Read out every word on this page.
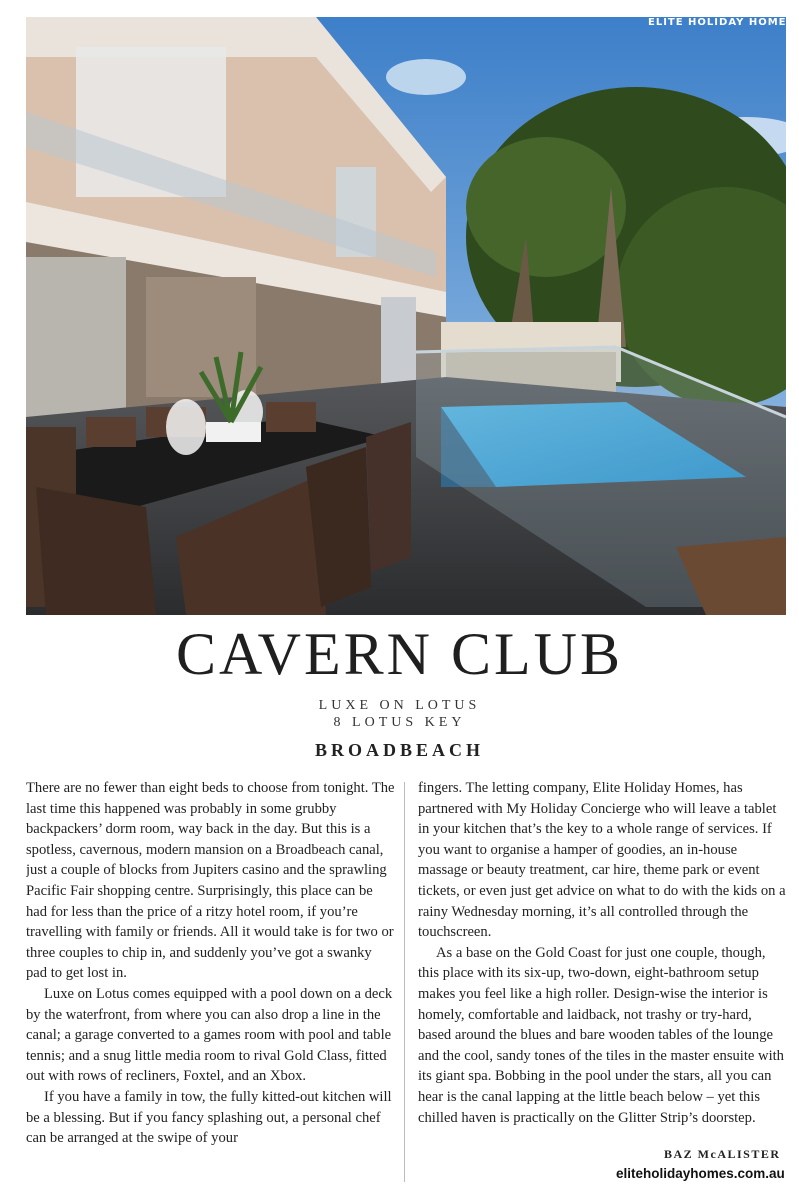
ELITE HOLIDAY HOMES
CAVERN CLUB
LUXE ON LOTUS
8 LOTUS KEY
BROADBEACH

There are no fewer than eight beds to choose from tonight. The last time this happened was probably in some grubby backpackers’ dorm room, way back in the day. But this is a spotless, cavernous, modern mansion on a Broadbeach canal, just a couple of blocks from Jupiters casino and the sprawling Pacific Fair shopping centre. Surprisingly, this place can be had for less than the price of a ritzy hotel room, if you’re travelling with family or friends. All it would take is for two or three couples to chip in, and suddenly you’ve got a swanky pad to get lost in.

Luxe on Lotus comes equipped with a pool down on a deck by the waterfront, from where you can also drop a line in the canal; a garage converted to a games room with pool and table tennis; and a snug little media room to rival Gold Class, fitted out with rows of recliners, Foxtel, and an Xbox.

If you have a family in tow, the fully kitted-out kitchen will be a blessing. But if you fancy splashing out, a personal chef can be arranged at the swipe of your

fingers. The letting company, Elite Holiday Homes, has partnered with My Holiday Concierge who will leave a tablet in your kitchen that’s the key to a whole range of services. If you want to organise a hamper of goodies, an in-house massage or beauty treatment, car hire, theme park or event tickets, or even just get advice on what to do with the kids on a rainy Wednesday morning, it’s all controlled through the touchscreen.

As a base on the Gold Coast for just one couple, though, this place with its six-up, two-down, eight-bathroom setup makes you feel like a high roller. Design-wise the interior is homely, comfortable and laidback, not trashy or try-hard, based around the blues and bare wooden tables of the lounge and the cool, sandy tones of the tiles in the master ensuite with its giant spa. Bobbing in the pool under the stars, all you can hear is the canal lapping at the little beach below – yet this chilled haven is practically on the Glitter Strip’s doorstep.

BAZ McALISTER
eliteholidayhomes.com.au
